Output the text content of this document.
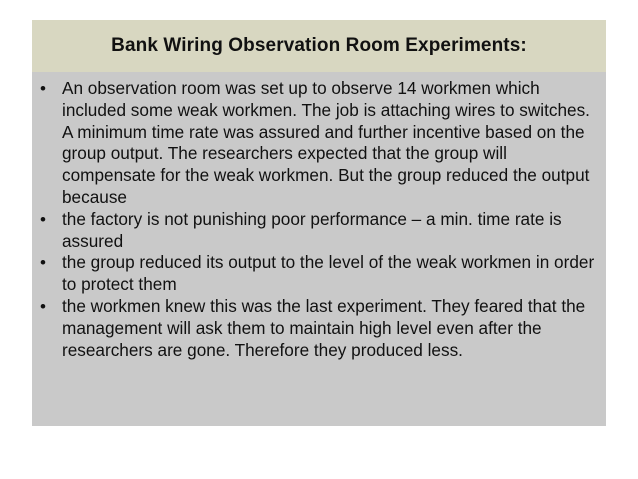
Bank Wiring Observation Room Experiments:
• An observation room was set up to observe 14 workmen which included some weak workmen. The job is attaching wires to switches. A minimum time rate was assured and further incentive based on the group output. The researchers expected that the group will compensate for the weak workmen. But the group reduced the output because
• the factory is not punishing poor performance – a min. time rate is assured
• the group reduced its output to the level of the weak workmen in order to protect them
• the workmen knew this was the last experiment. They feared that the management will ask them to maintain high level even after the researchers are gone. Therefore they produced less.
